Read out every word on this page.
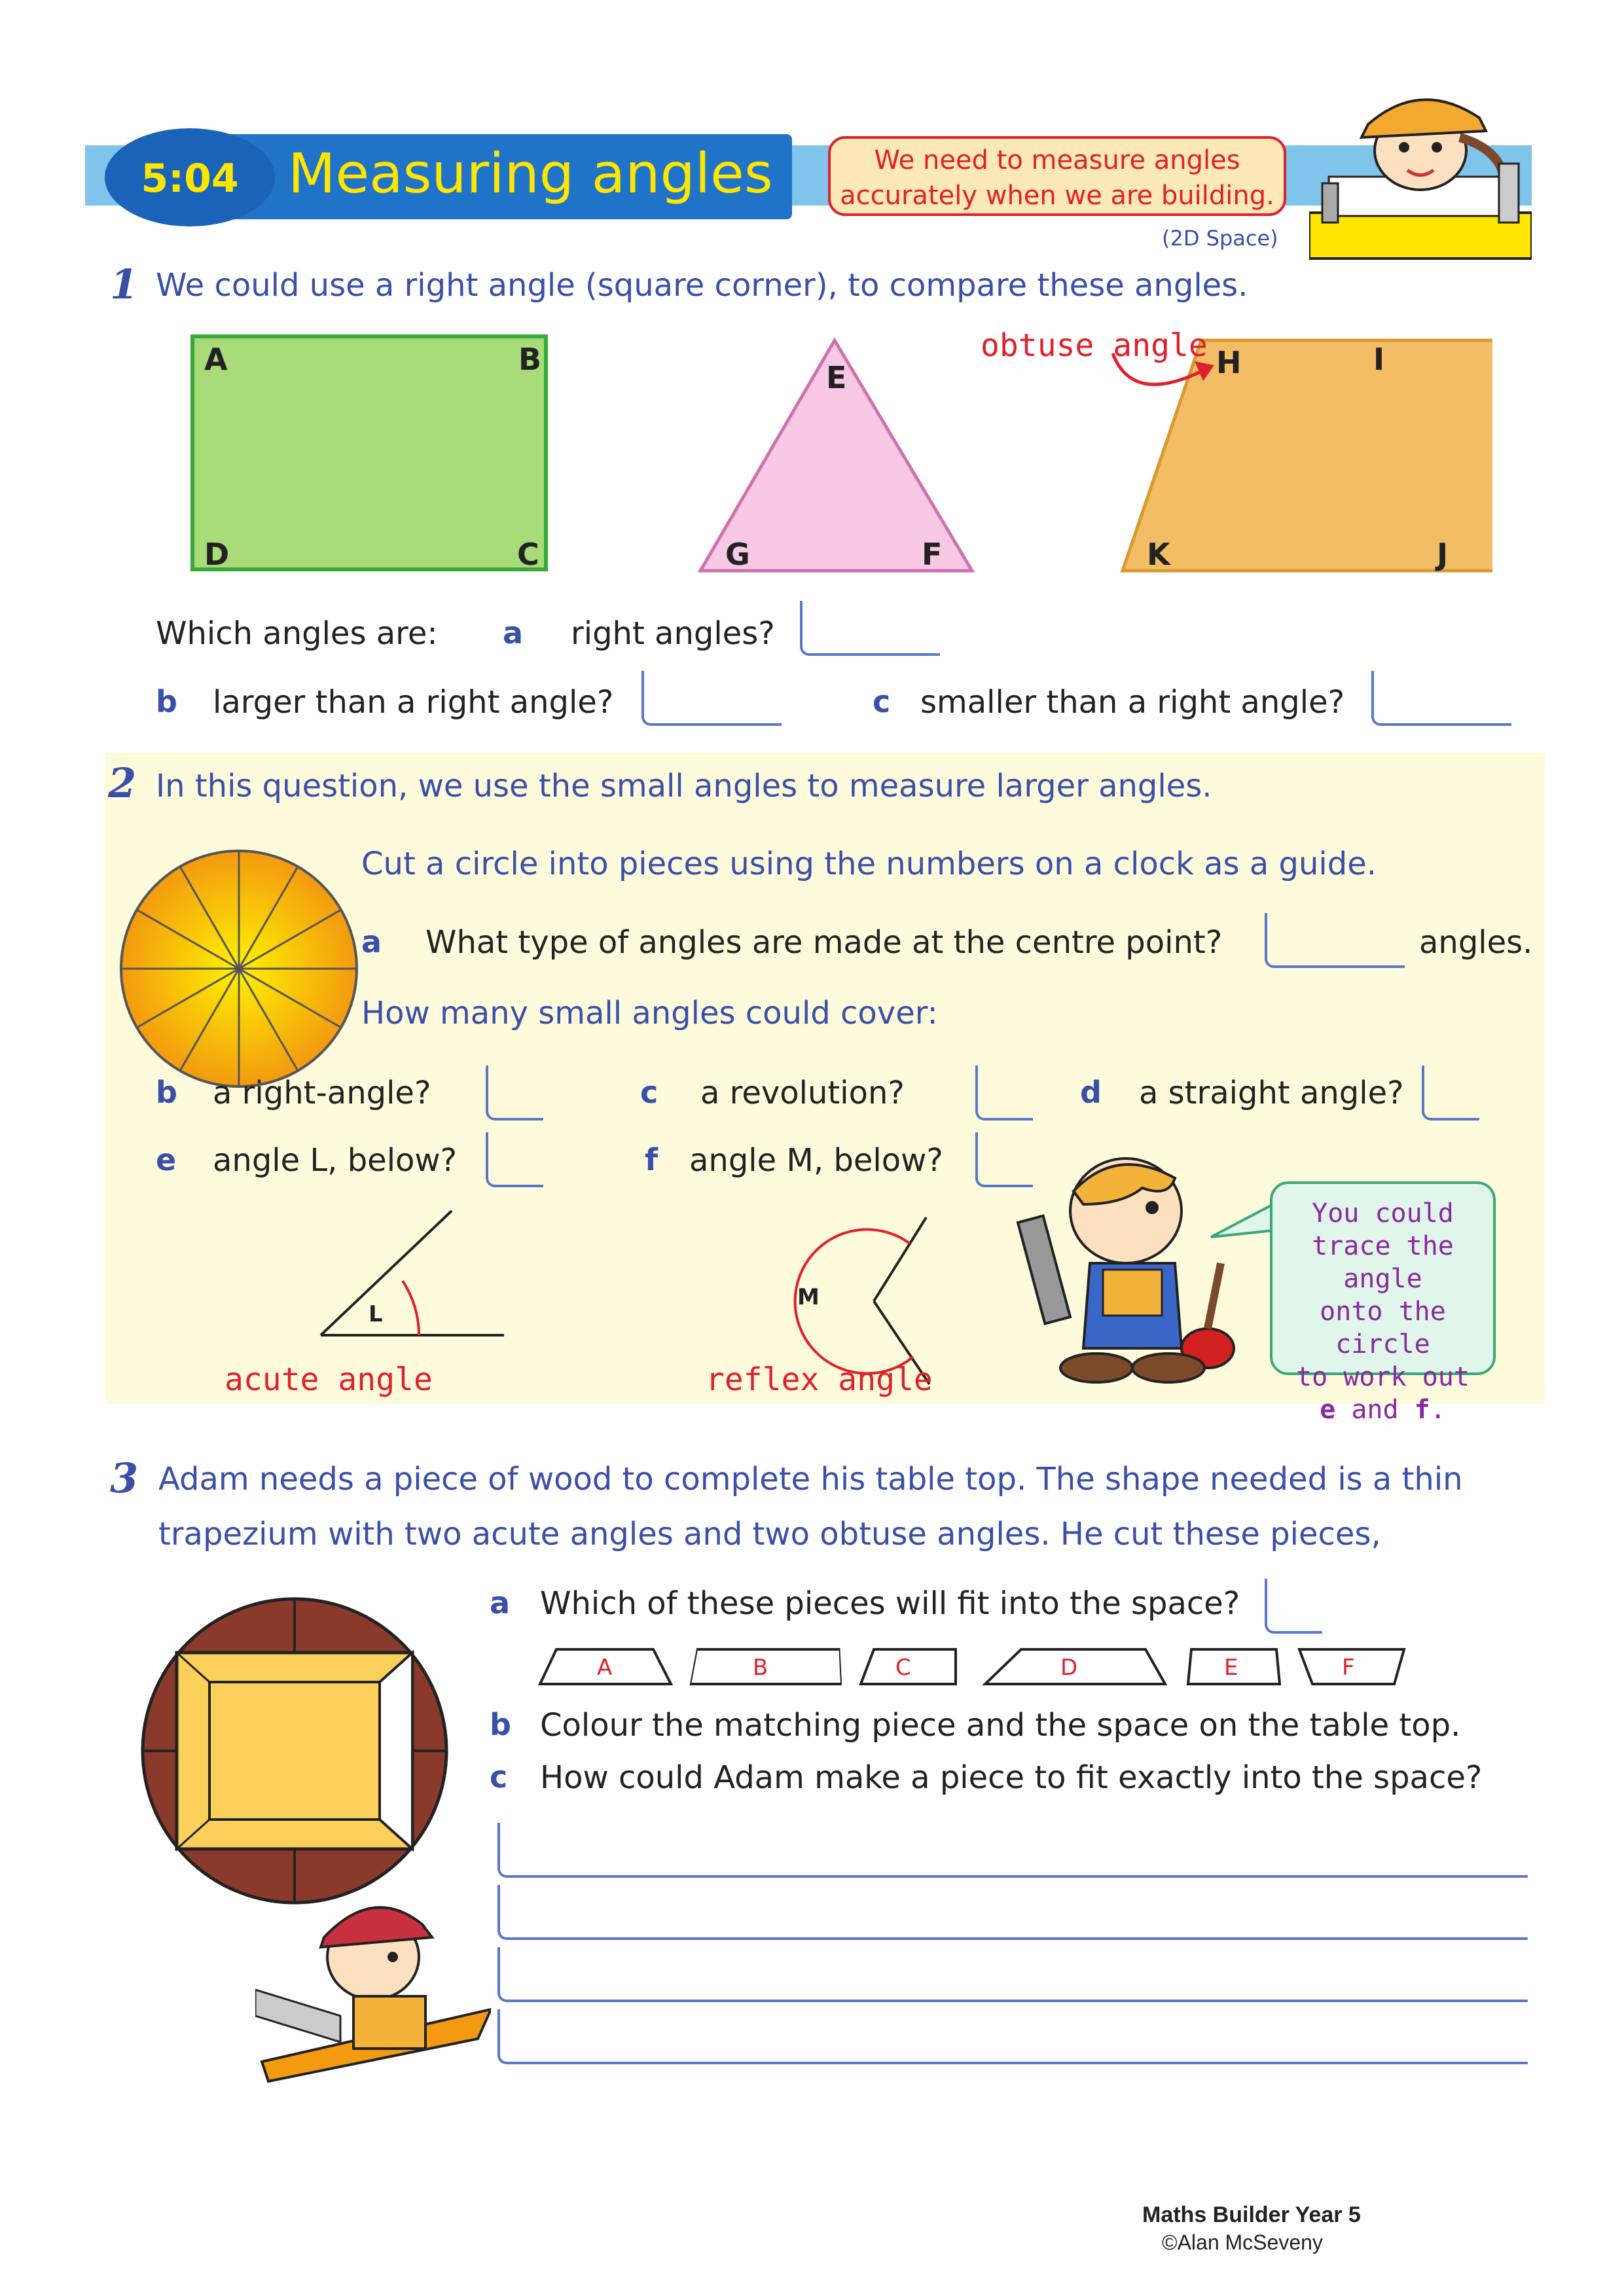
5:04 Measuring angles	We need to measure angles
accurately when we are building.
(2D Space)
1 We could use a right angle (square corner), to compare these angles.
A	B
C
D
E
G	F
H	I
K	J
obtuse angle
Which angles are: a right angles?
b larger than a right angle?	c smaller than a right angle?
2 In this question, we use the small angles to measure larger angles.
Cut a circle into pieces using the numbers on a clock as a guide.
a What type of angles are made at the centre point?	angles.
How many small angles could cover:
b a right-angle?	c a revolution?	d a straight angle?
e angle L, below?	f angle M, below?
L
acute angle
M
reflex angle
You could
trace the angle
onto the circle
to work out
e and f.
3 Adam needs a piece of wood to complete his table top. The shape needed is a thin
trapezium with two acute angles and two obtuse angles. He cut these pieces,
a Which of these pieces will fit into the space?
A	B	C	D	E	F
b Colour the matching piece and the space on the table top.
c How could Adam make a piece to fit exactly into the space?
Maths Builder Year 5
©Alan McSeveny
